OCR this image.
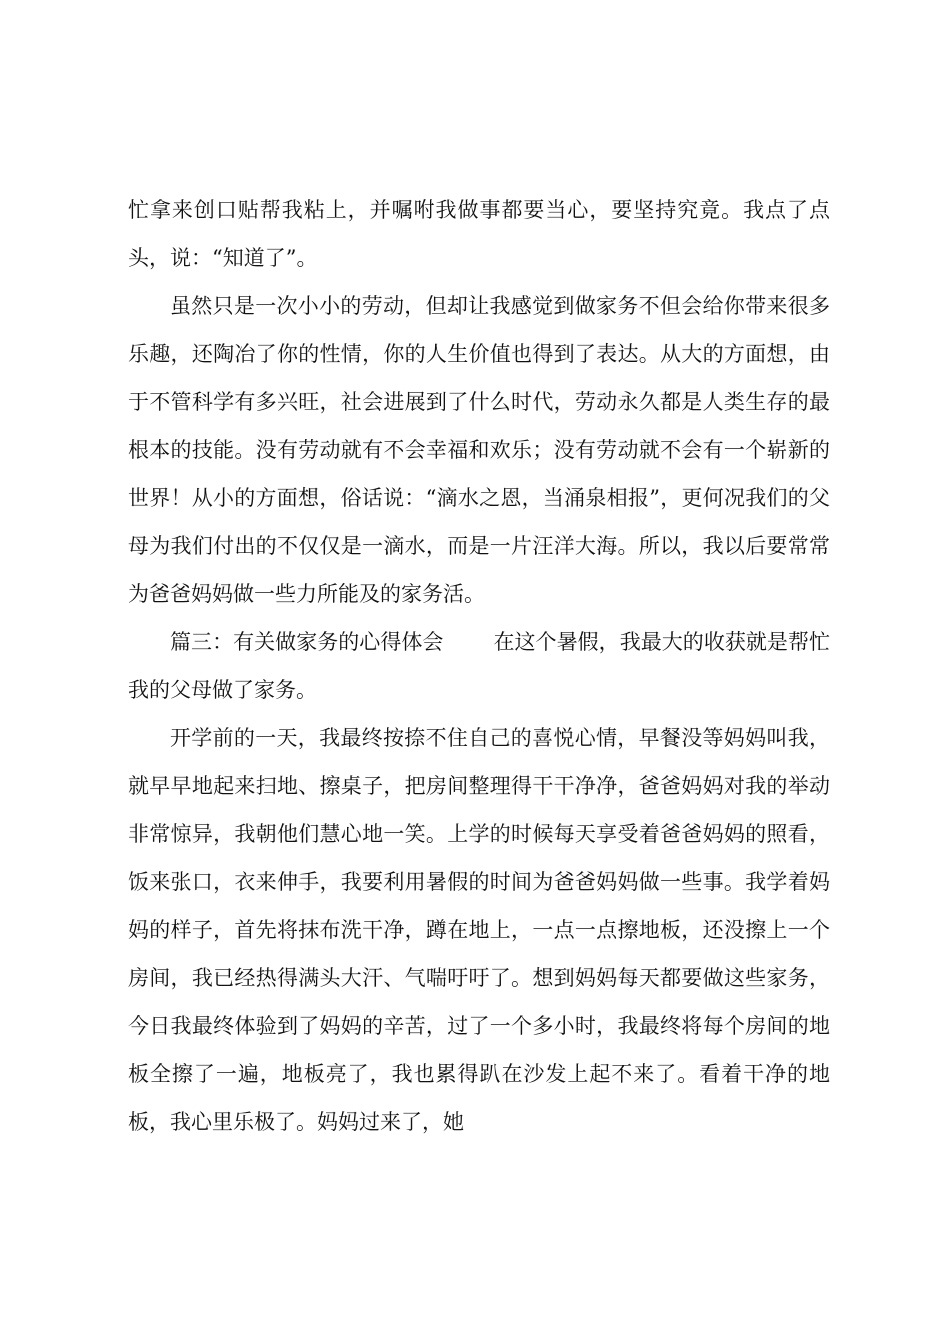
忙拿来创口贴帮我粘上，并嘱咐我做事都要当心，要坚持究竟。我点了点头，说：“知道了”。

虽然只是一次小小的劳动，但却让我感觉到做家务不但会给你带来很多乐趣，还陶冶了你的性情，你的人生价值也得到了表达。从大的方面想，由于不管科学有多兴旺，社会进展到了什么时代，劳动永久都是人类生存的最根本的技能。没有劳动就有不会幸福和欢乐；没有劳动就不会有一个崭新的世界！从小的方面想，俗话说：“滴水之恩，当涌泉相报”，更何况我们的父母为我们付出的不仅仅是一滴水，而是一片汪洋大海。所以，我以后要常常为爸爸妈妈做一些力所能及的家务活。

篇三：有关做家务的心得体会 在这个暑假，我最大的收获就是帮忙我的父母做了家务。

开学前的一天，我最终按捺不住自己的喜悦心情，早餐没等妈妈叫我，就早早地起来扫地、擦桌子，把房间整理得干干净净，爸爸妈妈对我的举动非常惊异，我朝他们慧心地一笑。上学的时候每天享受着爸爸妈妈的照看，饭来张口，衣来伸手，我要利用暑假的时间为爸爸妈妈做一些事。我学着妈妈的样子，首先将抹布洗干净，蹲在地上，一点一点擦地板，还没擦上一个房间，我已经热得满头大汗、气喘吁吁了。想到妈妈每天都要做这些家务，今日我最终体验到了妈妈的辛苦，过了一个多小时，我最终将每个房间的地板全擦了一遍，地板亮了，我也累得趴在沙发上起不来了。看着干净的地板，我心里乐极了。妈妈过来了，她
